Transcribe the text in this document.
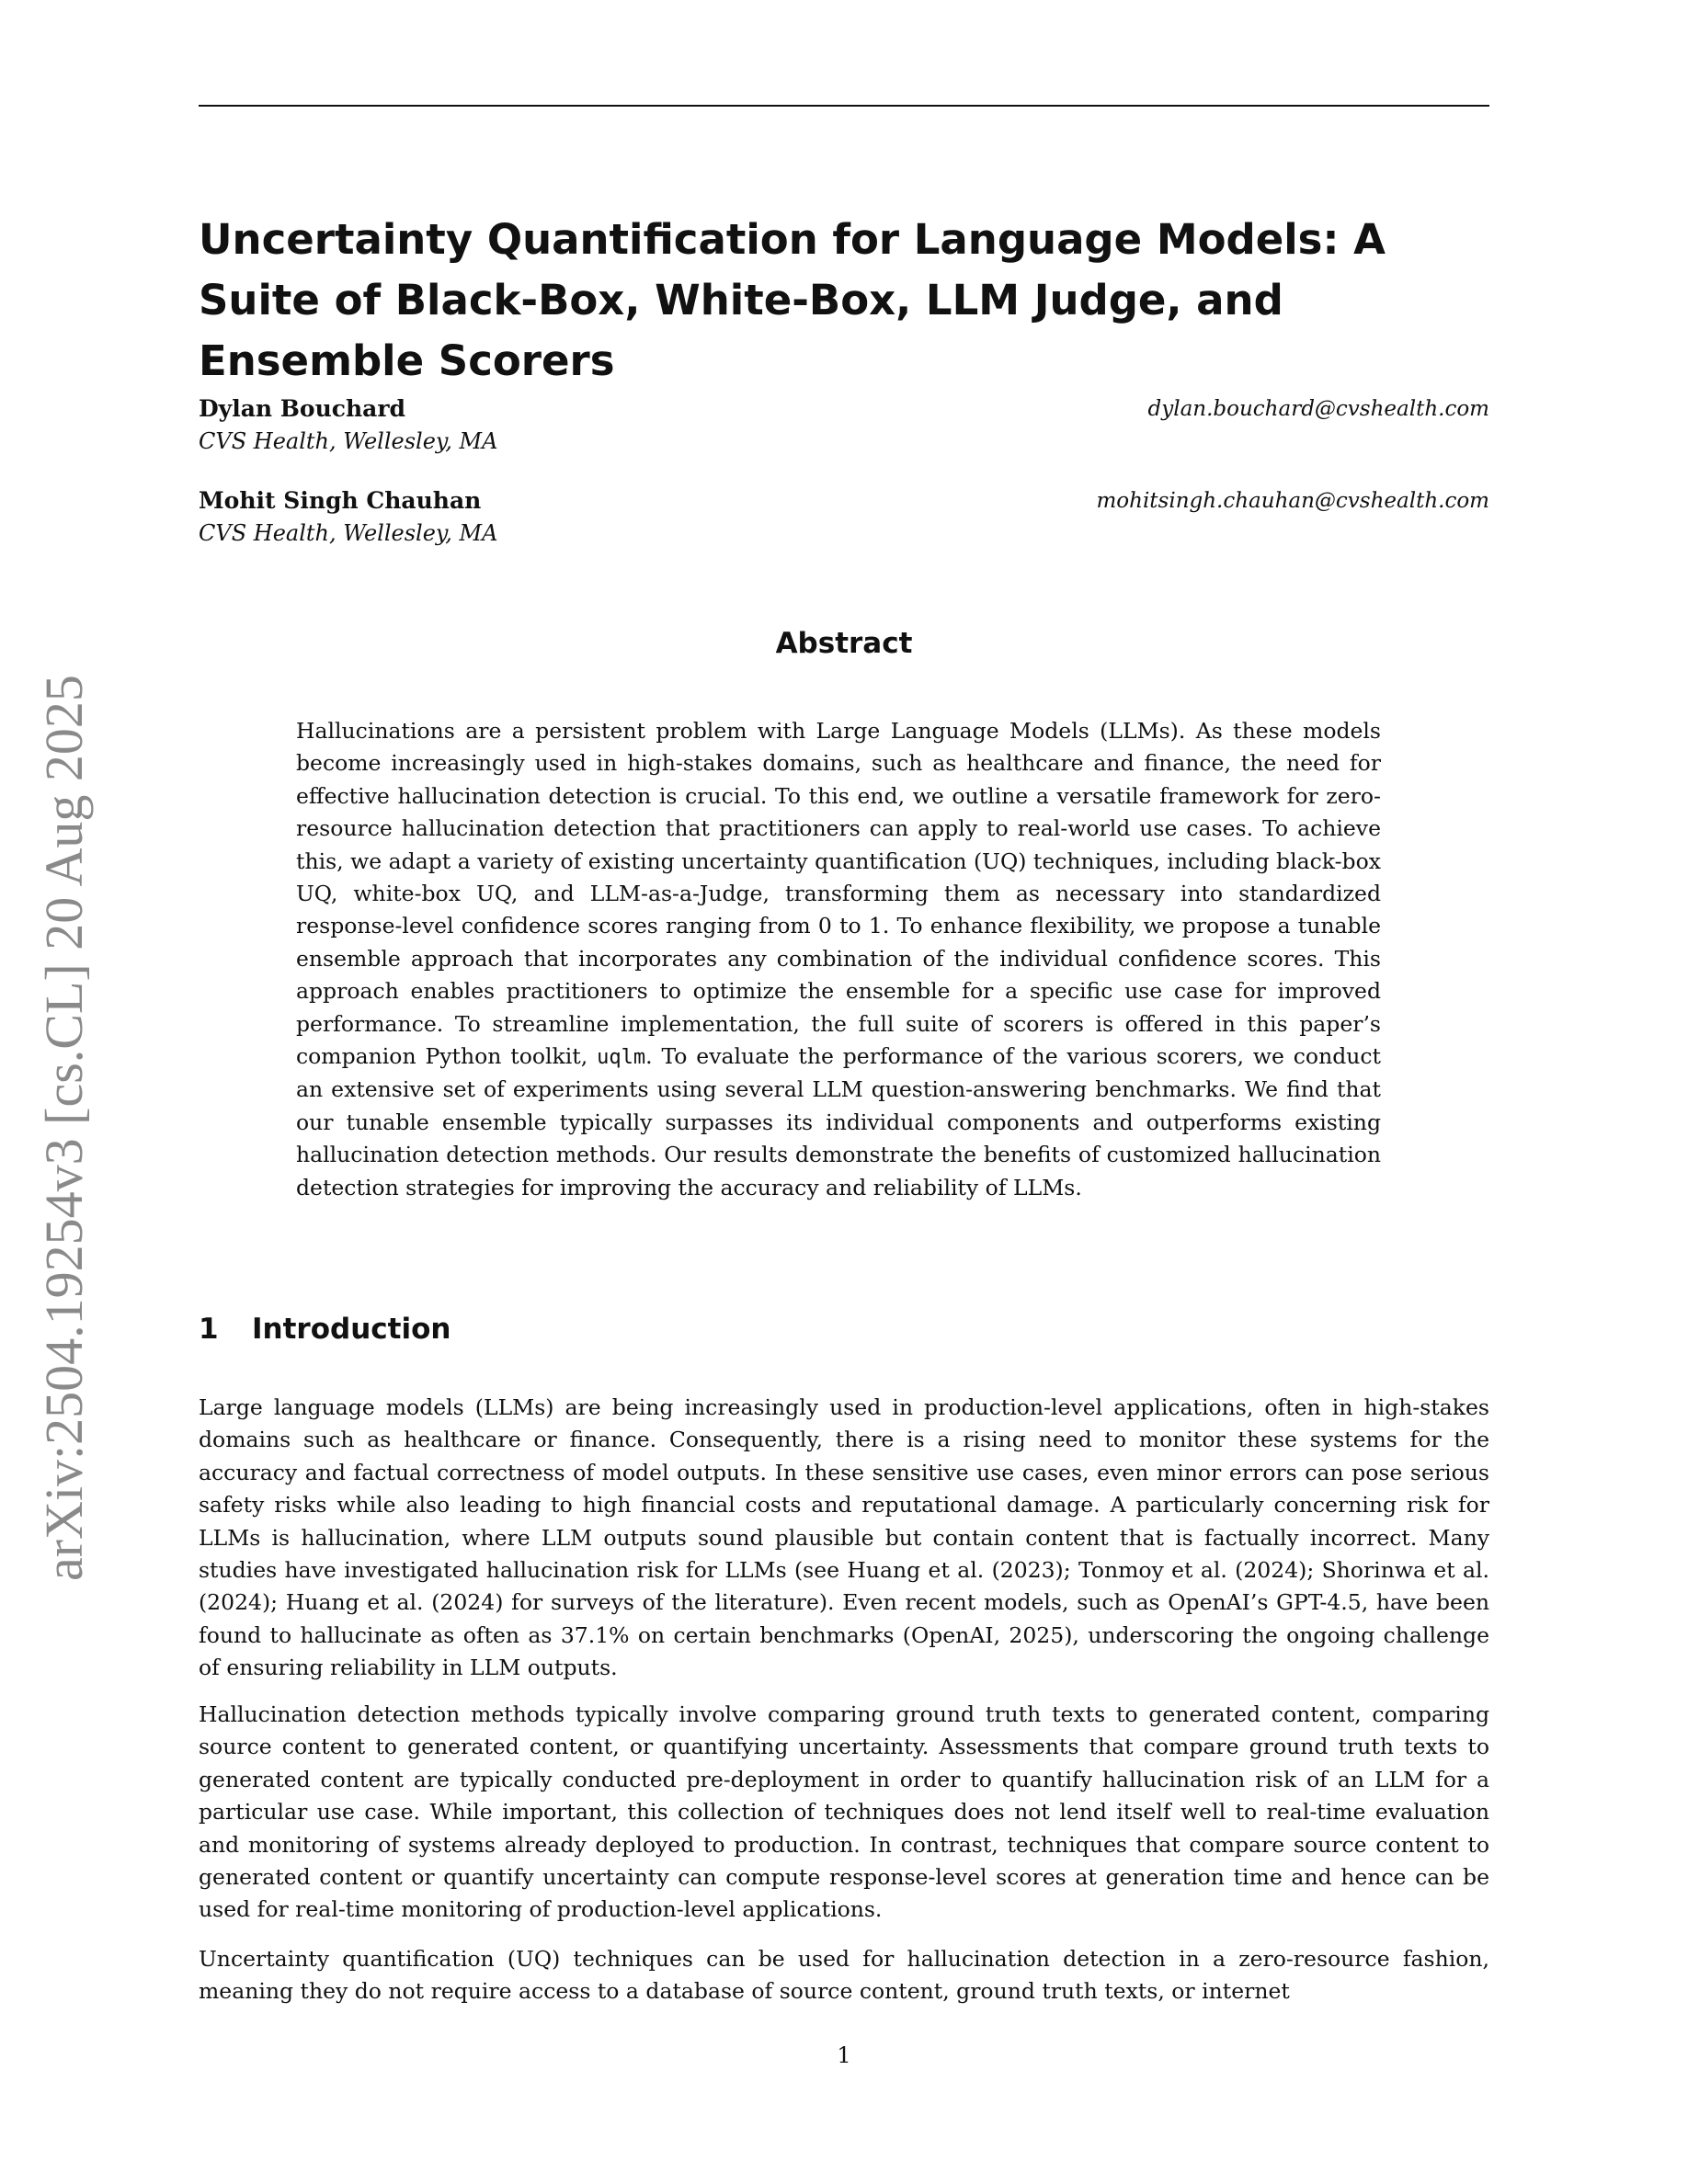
arXiv:2504.19254v3 [cs.CL] 20 Aug 2025
Uncertainty Quantification for Language Models: A Suite of Black-Box, White-Box, LLM Judge, and Ensemble Scorers
Dylan Bouchard
CVS Health, Wellesley, MA
dylan.bouchard@cvshealth.com
Mohit Singh Chauhan
CVS Health, Wellesley, MA
mohitsingh.chauhan@cvshealth.com
Abstract
Hallucinations are a persistent problem with Large Language Models (LLMs). As these models become increasingly used in high-stakes domains, such as healthcare and finance, the need for effective hallucination detection is crucial. To this end, we outline a versatile framework for zero-resource hallucination detection that practitioners can apply to real-world use cases. To achieve this, we adapt a variety of existing uncertainty quantification (UQ) techniques, including black-box UQ, white-box UQ, and LLM-as-a-Judge, transforming them as necessary into standardized response-level confidence scores ranging from 0 to 1. To enhance flexibility, we propose a tunable ensemble approach that incorporates any combination of the individual confidence scores. This approach enables practitioners to optimize the ensemble for a specific use case for improved performance. To streamline implementation, the full suite of scorers is offered in this paper’s companion Python toolkit, uqlm. To evaluate the performance of the various scorers, we conduct an extensive set of experiments using several LLM question-answering benchmarks. We find that our tunable ensemble typically surpasses its individual components and outperforms existing hallucination detection methods. Our results demonstrate the benefits of customized hallucination detection strategies for improving the accuracy and reliability of LLMs.
1 Introduction
Large language models (LLMs) are being increasingly used in production-level applications, often in high-stakes domains such as healthcare or finance. Consequently, there is a rising need to monitor these systems for the accuracy and factual correctness of model outputs. In these sensitive use cases, even minor errors can pose serious safety risks while also leading to high financial costs and reputational damage. A particularly concerning risk for LLMs is hallucination, where LLM outputs sound plausible but contain content that is factually incorrect. Many studies have investigated hallucination risk for LLMs (see Huang et al. (2023); Tonmoy et al. (2024); Shorinwa et al. (2024); Huang et al. (2024) for surveys of the literature). Even recent models, such as OpenAI’s GPT-4.5, have been found to hallucinate as often as 37.1% on certain benchmarks (OpenAI, 2025), underscoring the ongoing challenge of ensuring reliability in LLM outputs.
Hallucination detection methods typically involve comparing ground truth texts to generated content, comparing source content to generated content, or quantifying uncertainty. Assessments that compare ground truth texts to generated content are typically conducted pre-deployment in order to quantify hallucination risk of an LLM for a particular use case. While important, this collection of techniques does not lend itself well to real-time evaluation and monitoring of systems already deployed to production. In contrast, techniques that compare source content to generated content or quantify uncertainty can compute response-level scores at generation time and hence can be used for real-time monitoring of production-level applications.
Uncertainty quantification (UQ) techniques can be used for hallucination detection in a zero-resource fashion, meaning they do not require access to a database of source content, ground truth texts, or internet
1
